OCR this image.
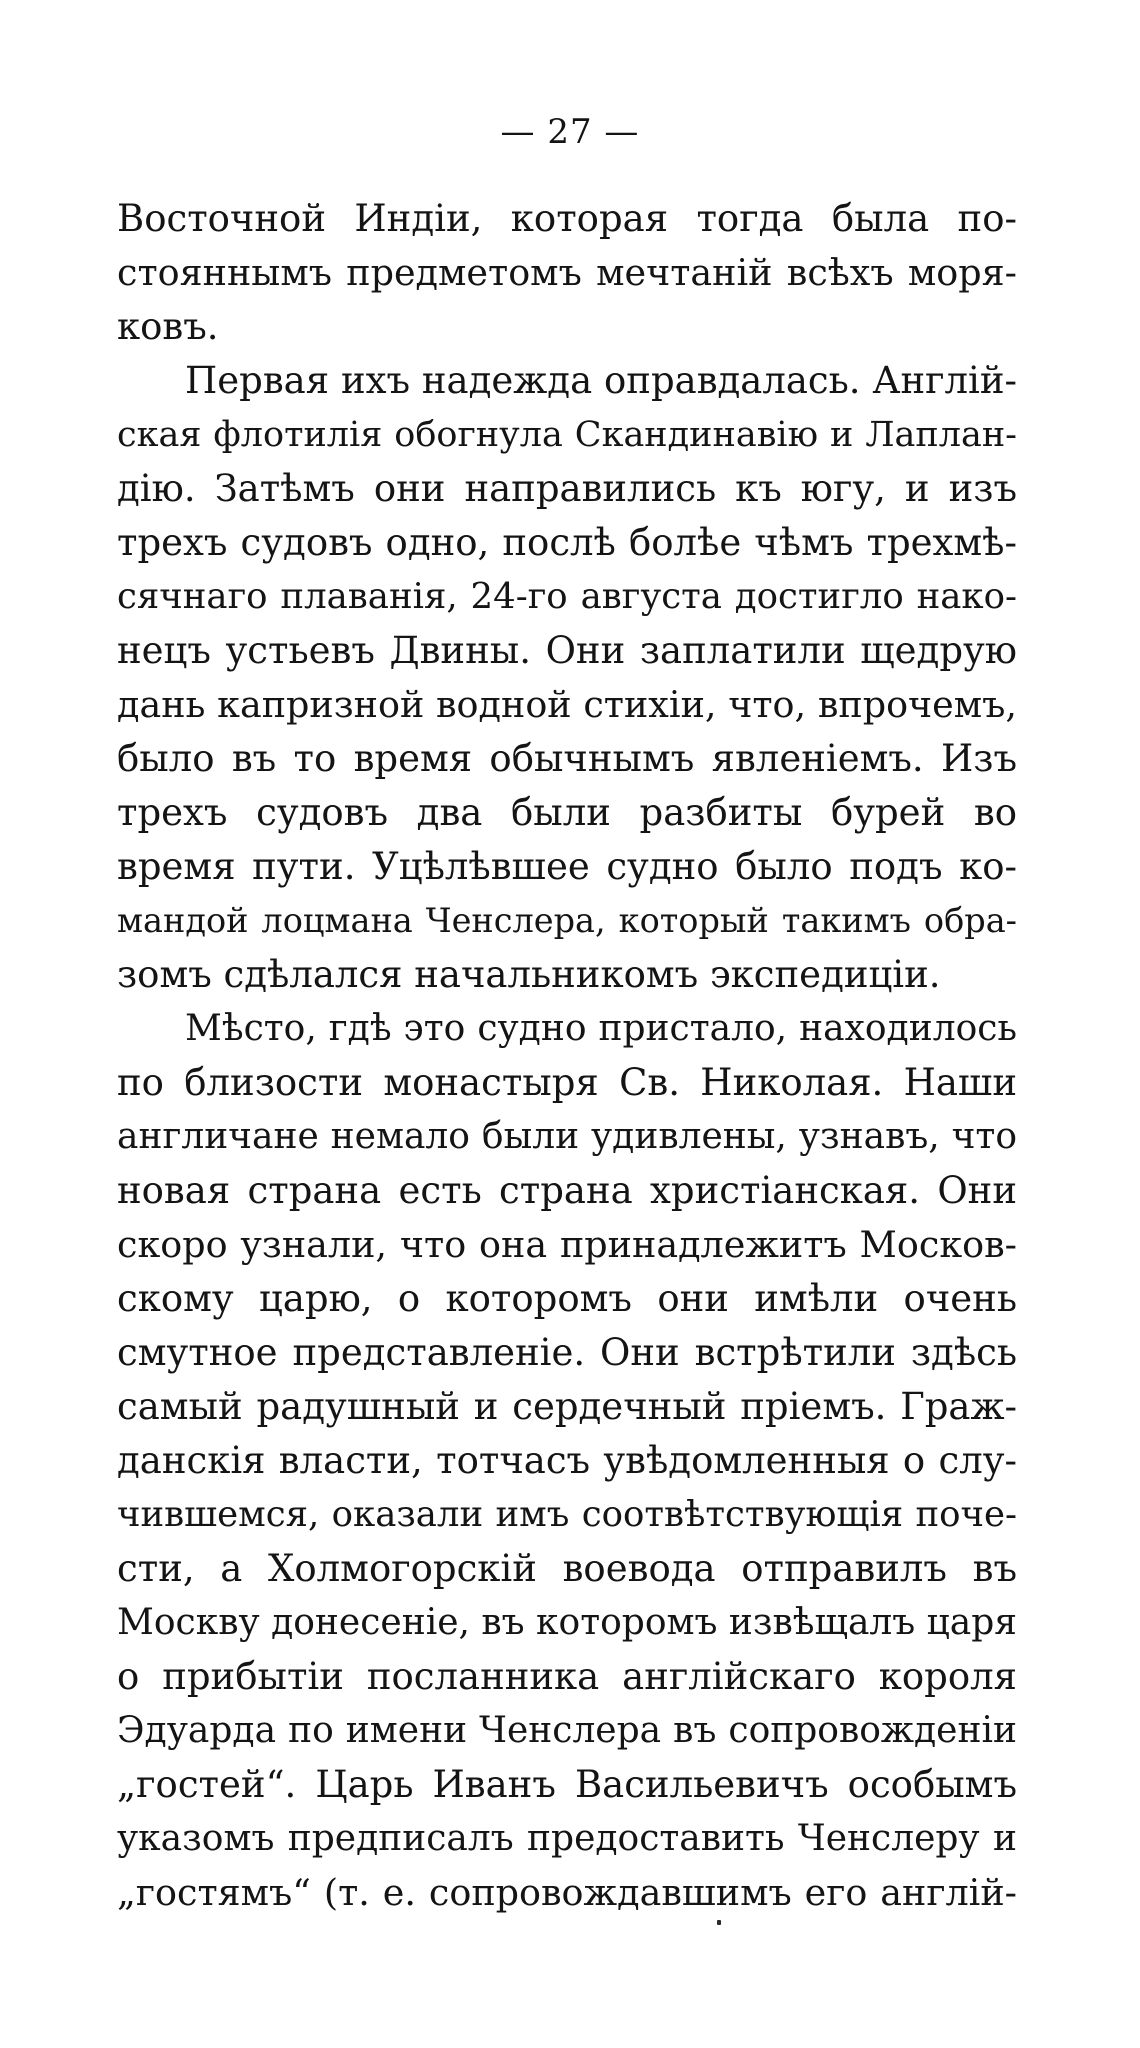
— 27 —
Восточной Индіи, которая тогда была по-
стояннымъ предметомъ мечтаній всѣхъ моря-
ковъ.
Первая ихъ надежда оправдалась. Англій-
ская флотилія обогнула Скандинавію и Лаплан-
дію. Затѣмъ они направились къ югу, и изъ
трехъ судовъ одно, послѣ болѣе чѣмъ трехмѣ-
сячнаго плаванія, 24-го августа достигло нако-
нецъ устьевъ Двины. Они заплатили щедрую
дань капризной водной стихіи, что, впрочемъ,
было въ то время обычнымъ явленіемъ. Изъ
трехъ судовъ два были разбиты бурей во
время пути. Уцѣлѣвшее судно было подъ ко-
мандой лоцмана Ченслера, который такимъ обра-
зомъ сдѣлался начальникомъ экспедиціи.
Мѣсто, гдѣ это судно пристало, находилось
по близости монастыря Св. Николая. Наши
англичане немало были удивлены, узнавъ, что
новая страна есть страна христіанская. Они
скоро узнали, что она принадлежитъ Москов-
скому царю, о которомъ они имѣли очень
смутное представленіе. Они встрѣтили здѣсь
самый радушный и сердечный пріемъ. Граж-
данскія власти, тотчасъ увѣдомленныя о слу-
чившемся, оказали имъ соотвѣтствующія поче-
сти, а Холмогорскій воевода отправилъ въ
Москву донесеніе, въ которомъ извѣщалъ царя
о прибытіи посланника англійскаго короля
Эдуарда по имени Ченслера въ сопровожденіи
„гостей“. Царь Иванъ Васильевичъ особымъ
указомъ предписалъ предоставить Ченслеру и
„гостямъ“ (т. е. сопровождавшимъ его англій-
